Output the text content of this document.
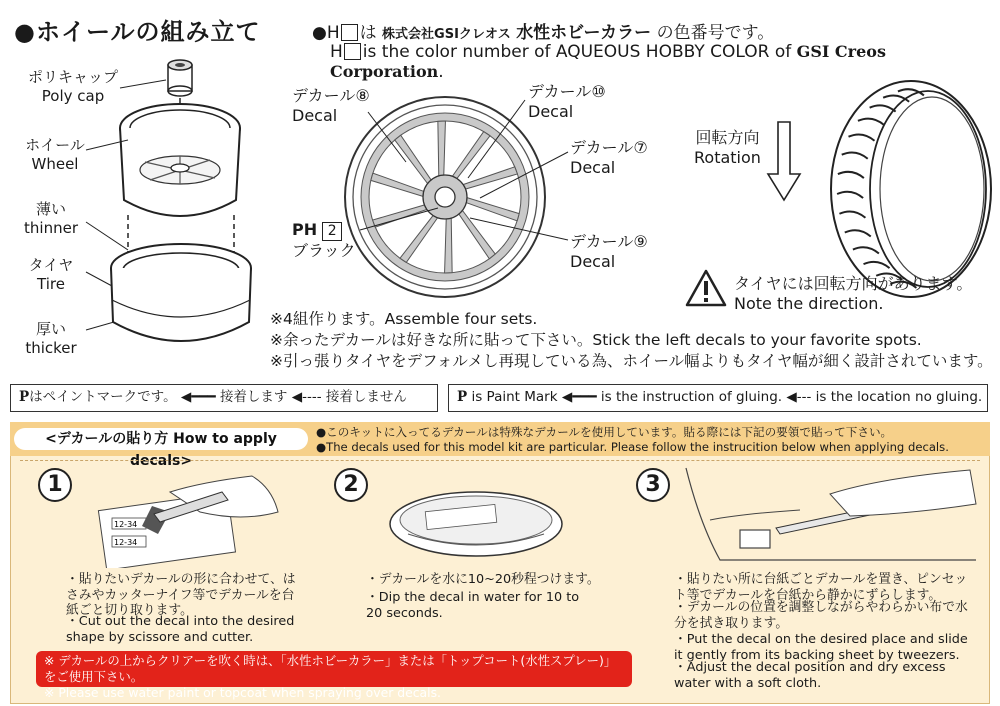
●ホイールの組み立て
ポリキャップ
Poly cap
ホイール
Wheel
薄い
thinner
タイヤ
Tire
厚い
thicker
●H は 株式会社GSIクレオス 水性ホビーカラー の色番号です。
H is the color number of AQUEOUS HOBBY COLOR of GSI Creos Corporation.
デカール⑧
Decal
デカール⑩
Decal
デカール⑦
Decal
デカール⑨
Decal
PH 2
ブラック
回転方向
Rotation
タイヤには回転方向があります。
Note the direction.
※4組作ります。Assemble four sets.
※余ったデカールは好きな所に貼って下さい。Stick the left decals to your favorite spots.
※引っ張りタイヤをデフォルメし再現している為、ホイール幅よりもタイヤ幅が細く設計されています。
Pはペイントマークです。 ◀━━━ 接着します ◀‐‐‐‐ 接着しません	P is Paint Mark ◀━━━ is the instruction of gluing. ◀‐‐‐ is the location no gluing.
<デカールの貼り方 How to apply decals>
●このキットに入ってるデカールは特殊なデカールを使用しています。貼る際には下記の要領で貼って下さい。
●The decals used for this model kit are particular. Please follow the instrucition below when applying decals.
1
12-34
12-34
・貼りたいデカールの形に合わせて、はさみやカッターナイフ等でデカールを台紙ごと切り取ります。
・Cut out the decal into the desired shape by scissore and cutter.
2
・デカールを水に10~20秒程つけます。
・Dip the decal in water for 10 to 20 seconds.
3
・貼りたい所に台紙ごとデカールを置き、ピンセット等でデカールを台紙から静かにずらします。
・デカールの位置を調整しながらやわらかい布で水分を拭き取ります。
・Put the decal on the desired place and slide it gently from its backing sheet by tweezers.
・Adjust the decal position and dry excess water with a soft cloth.
※ デカールの上からクリアーを吹く時は、「水性ホビーカラー」または「トップコート(水性スプレー)」をご使用下さい。
※ Please use water paint or topcoat when spraying over decals.
